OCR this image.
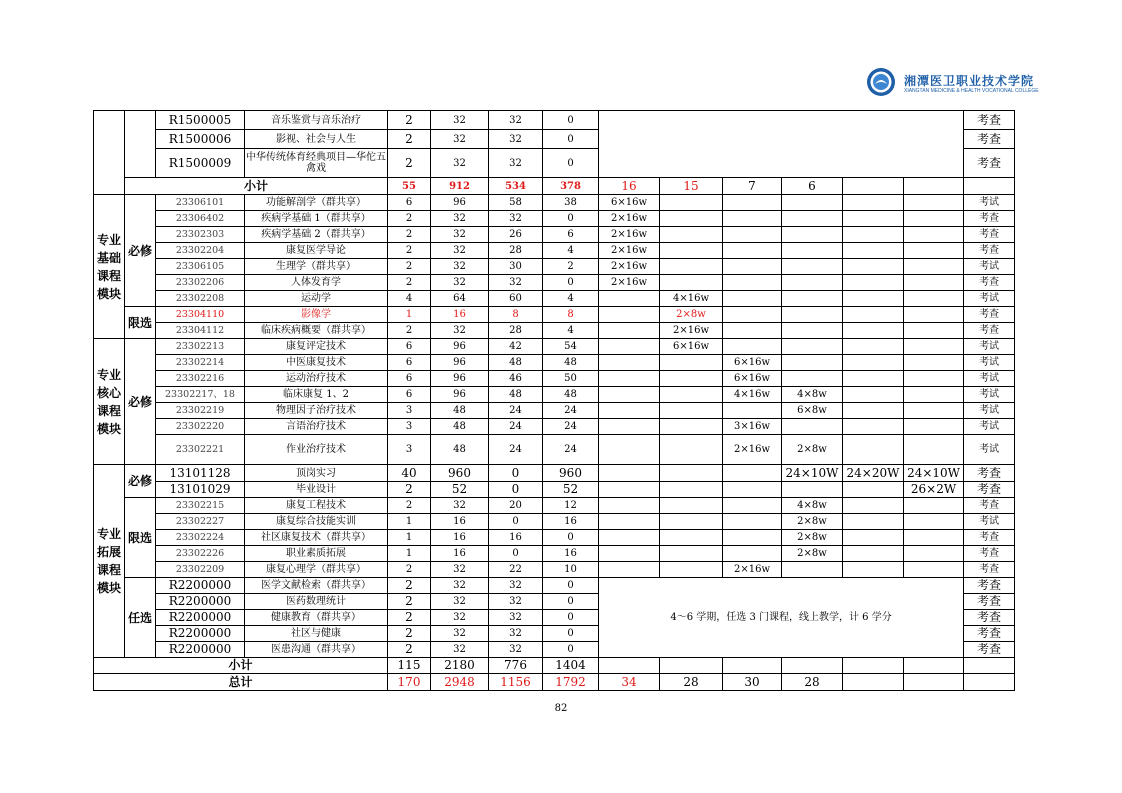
湘潭医卫职业技术学院
XIANGTAN MEDICINE & HEALTH VOCATIONAL COLLEGE
		R1500005	音乐鉴赏与音乐治疗	2	32	32	0							考查
		R1500006	影视、社会与人生	2	32	32	0							考查
		R1500009	中华传统体育经典项目—华佗五禽戏	2	32	32	0							考查
	小计			55	912	534	378	16	15	7	6			
专业基础课程模块	必修	23306101	功能解剖学（群共享）	6	96	58	38	6×16w						考试
		23306402	疾病学基础 1（群共享）	2	32	32	0	2×16w						考查
		23302303	疾病学基础 2（群共享）	2	32	26	6	2×16w						考查
		23302204	康复医学导论	2	32	28	4	2×16w						考查
		23306105	生理学（群共享）	2	32	30	2	2×16w						考试
		23302206	人体发育学	2	32	32	0	2×16w						考查
		23302208	运动学	4	64	60	4		4×16w					考试
	限选	23304110	影像学	1	16	8	8		2×8w					考查
		23304112	临床疾病概要（群共享）	2	32	28	4		2×16w					考查
专业核心课程模块	必修	23302213	康复评定技术	6	96	42	54		6×16w					考试
		23302214	中医康复技术	6	96	48	48			6×16w				考试
		23302216	运动治疗技术	6	96	46	50			6×16w				考试
		23302217、18	临床康复 1、2	6	96	48	48			4×16w	4×8w			考试
		23302219	物理因子治疗技术	3	48	24	24				6×8w			考试
		23302220	言语治疗技术	3	48	24	24			3×16w				考试
		23302221	作业治疗技术	3	48	24	24			2×16w	2×8w			考试
专业拓展课程模块	必修	13101128	顶岗实习	40	960	0	960				24×10W	24×20W	24×10W	考查
		13101029	毕业设计	2	52	0	52						26×2W	考查
	限选	23302215	康复工程技术	2	32	20	12				4×8w			考查
		23302227	康复综合技能实训	1	16	0	16				2×8w			考试
		23302224	社区康复技术（群共享）	1	16	16	0				2×8w			考查
		23302226	职业素质拓展	1	16	0	16				2×8w			考查
		23302209	康复心理学（群共享）	2	32	22	10			2×16w				考查
	任选	R2200000	医学文献检索（群共享）	2	32	32	0	4～6 学期，任选 3 门课程，线上教学，计 6 学分						考查
		R2200000	医药数理统计	2	32	32	0							考查
		R2200000	健康教育（群共享）	2	32	32	0							考查
		R2200000	社区与健康	2	32	32	0							考查
		R2200000	医患沟通（群共享）	2	32	32	0							考查
小计				115	2180	776	1404							
总计				170	2948	1156	1792	34	28	30	28			
82
